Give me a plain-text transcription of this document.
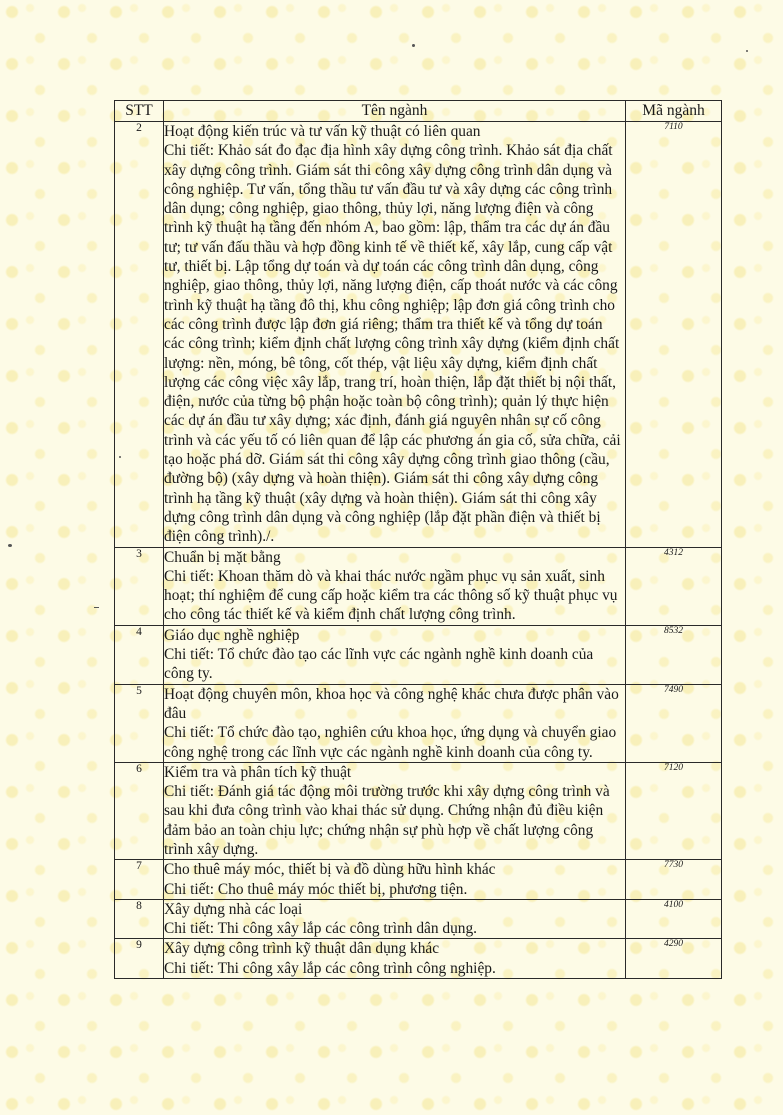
STT	Tên ngành	Mã ngành
2	Hoạt động kiến trúc và tư vấn kỹ thuật có liên quan
Chi tiết: Khảo sát đo đạc địa hình xây dựng công trình. Khảo sát địa chất xây dựng công trình. Giám sát thi công xây dựng công trình dân dụng và công nghiệp. Tư vấn, tổng thầu tư vấn đầu tư và xây dựng các công trình dân dụng; công nghiệp, giao thông, thủy lợi, năng lượng điện và công trình kỹ thuật hạ tầng đến nhóm A, bao gồm: lập, thẩm tra các dự án đầu tư; tư vấn đấu thầu và hợp đồng kinh tế về thiết kế, xây lắp, cung cấp vật tư, thiết bị. Lập tổng dự toán và dự toán các công trình dân dụng, công nghiệp, giao thông, thủy lợi, năng lượng điện, cấp thoát nước và các công trình kỹ thuật hạ tầng đô thị, khu công nghiệp; lập đơn giá công trình cho các công trình được lập đơn giá riêng; thẩm tra thiết kế và tổng dự toán các công trình; kiểm định chất lượng công trình xây dựng (kiểm định chất lượng: nền, móng, bê tông, cốt thép, vật liệu xây dựng, kiểm định chất lượng các công việc xây lắp, trang trí, hoàn thiện, lắp đặt thiết bị nội thất, điện, nước của từng bộ phận hoặc toàn bộ công trình); quản lý thực hiện các dự án đầu tư xây dựng; xác định, đánh giá nguyên nhân sự cố công trình và các yếu tố có liên quan để lập các phương án gia cố, sửa chữa, cải tạo hoặc phá dỡ. Giám sát thi công xây dựng công trình giao thông (cầu, đường bộ) (xây dựng và hoàn thiện). Giám sát thi công xây dựng công trình hạ tầng kỹ thuật (xây dựng và hoàn thiện). Giám sát thi công xây dựng công trình dân dụng và công nghiệp (lắp đặt phần điện và thiết bị điện công trình)./.	7110
3	Chuẩn bị mặt bằng
Chi tiết: Khoan thăm dò và khai thác nước ngầm phục vụ sản xuất, sinh hoạt; thí nghiệm để cung cấp hoặc kiểm tra các thông số kỹ thuật phục vụ cho công tác thiết kế và kiểm định chất lượng công trình.	4312
4	Giáo dục nghề nghiệp
Chi tiết: Tổ chức đào tạo các lĩnh vực các ngành nghề kinh doanh của công ty.	8532
5	Hoạt động chuyên môn, khoa học và công nghệ khác chưa được phân vào đâu
Chi tiết: Tổ chức đào tạo, nghiên cứu khoa học, ứng dụng và chuyển giao công nghệ trong các lĩnh vực các ngành nghề kinh doanh của công ty.	7490
6	Kiểm tra và phân tích kỹ thuật
Chi tiết: Đánh giá tác động môi trường trước khi xây dựng công trình và sau khi đưa công trình vào khai thác sử dụng. Chứng nhận đủ điều kiện đảm bảo an toàn chịu lực; chứng nhận sự phù hợp về chất lượng công trình xây dựng.	7120
7	Cho thuê máy móc, thiết bị và đồ dùng hữu hình khác
Chi tiết: Cho thuê máy móc thiết bị, phương tiện.	7730
8	Xây dựng nhà các loại
Chi tiết: Thi công xây lắp các công trình dân dụng.	4100
9	Xây dựng công trình kỹ thuật dân dụng khác
Chi tiết: Thi công xây lắp các công trình công nghiệp.	4290
